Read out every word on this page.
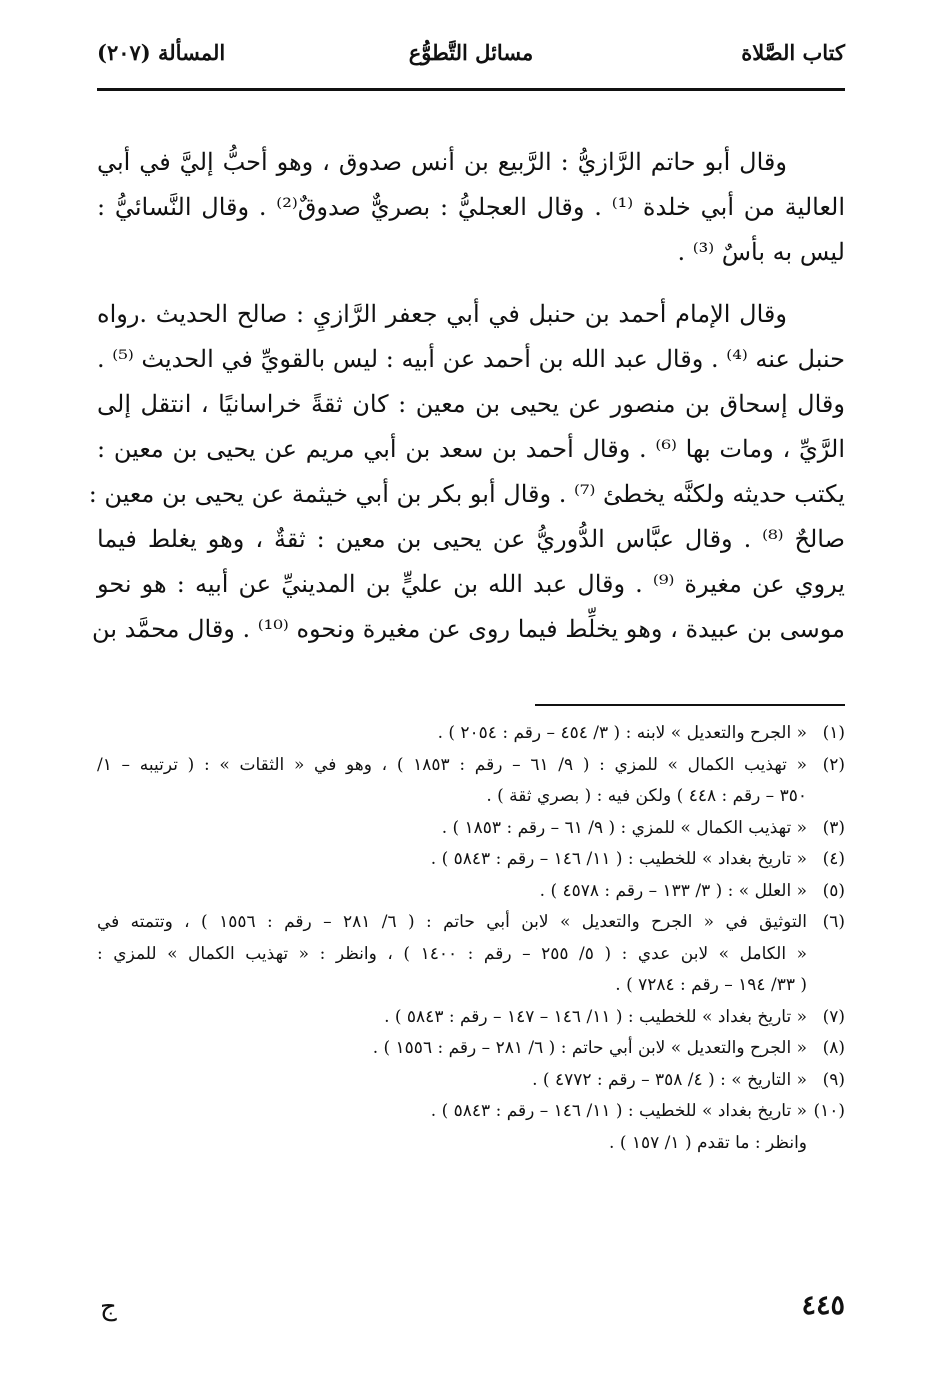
كتاب الصَّلاة
مسائل التَّطوُّع
المسألة (٢٠٧)
وقال أبو حاتم الرَّازيُّ : الرَّبيع بن أنس صدوق ، وهو أحبُّ إليَّ في أبي
العالية من أبي خلدة ⁽¹⁾ . وقال العجليُّ : بصريٌّ صدوقٌ⁽²⁾ . وقال النَّسائيُّ :
ليس به بأسٌ ⁽³⁾ .
وقال الإمام أحمد بن حنبل في أبي جعفر الرَّازيِ : صالح الحديث .رواه
حنبل عنه ⁽⁴⁾ . وقال عبد الله بن أحمد عن أبيه : ليس بالقويِّ في الحديث ⁽⁵⁾ .
وقال إسحاق بن منصور عن يحيى بن معين : كان ثقةً خراسانيًا ، انتقل إلى
الرَّيِّ ، ومات بها ⁽⁶⁾ . وقال أحمد بن سعد بن أبي مريم عن يحيى بن معين :
يكتب حديثه ولكنَّه يخطئ ⁽⁷⁾ . وقال أبو بكر بن أبي خيثمة عن يحيى بن معين :
صالحٌ ⁽⁸⁾ . وقال عبَّاس الدُّوريُّ عن يحيى بن معين : ثقةٌ ، وهو يغلط فيما
يروي عن مغيرة ⁽⁹⁾ . وقال عبد الله بن عليٍّ بن المدينيِّ عن أبيه : هو نحو
موسى بن عبيدة ، وهو يخلِّط فيما روى عن مغيرة ونحوه ⁽¹⁰⁾ . وقال محمَّد بن
(١)
« الجرح والتعديل » لابنه : ( ٣/ ٤٥٤ – رقم : ٢٠٥٤ ) .
(٢)
« تهذيب الكمال » للمزي : ( ٩/ ٦١ – رقم : ١٨٥٣ ) ، وهو في « الثقات » : ( ترتيبه – ١/
٣٥٠ – رقم : ٤٤٨ ) ولكن فيه : ( بصري ثقة ) .
(٣)
« تهذيب الكمال » للمزي : ( ٩/ ٦١ – رقم : ١٨٥٣ ) .
(٤)
« تاريخ بغداد » للخطيب : ( ١١/ ١٤٦ – رقم : ٥٨٤٣ ) .
(٥)
« العلل » : ( ٣/ ١٣٣ – رقم : ٤٥٧٨ ) .
(٦)
التوثيق في « الجرح والتعديل » لابن أبي حاتم : ( ٦/ ٢٨١ – رقم : ١٥٥٦ ) ، وتتمته في
« الكامل » لابن عدي : ( ٥/ ٢٥٥ – رقم : ١٤٠٠ ) ، وانظر : « تهذيب الكمال » للمزي :
( ٣٣/ ١٩٤ – رقم : ٧٢٨٤ ) .
(٧)
« تاريخ بغداد » للخطيب : ( ١١/ ١٤٦ – ١٤٧ – رقم : ٥٨٤٣ ) .
(٨)
« الجرح والتعديل » لابن أبي حاتم : ( ٦/ ٢٨١ – رقم : ١٥٥٦ ) .
(٩)
« التاريخ » : ( ٤/ ٣٥٨ – رقم : ٤٧٧٢ ) .
(١٠)
« تاريخ بغداد » للخطيب : ( ١١/ ١٤٦ – رقم : ٥٨٤٣ ) .
وانظر : ما تقدم ( ١/ ١٥٧ ) .
٤٤٥
ج
